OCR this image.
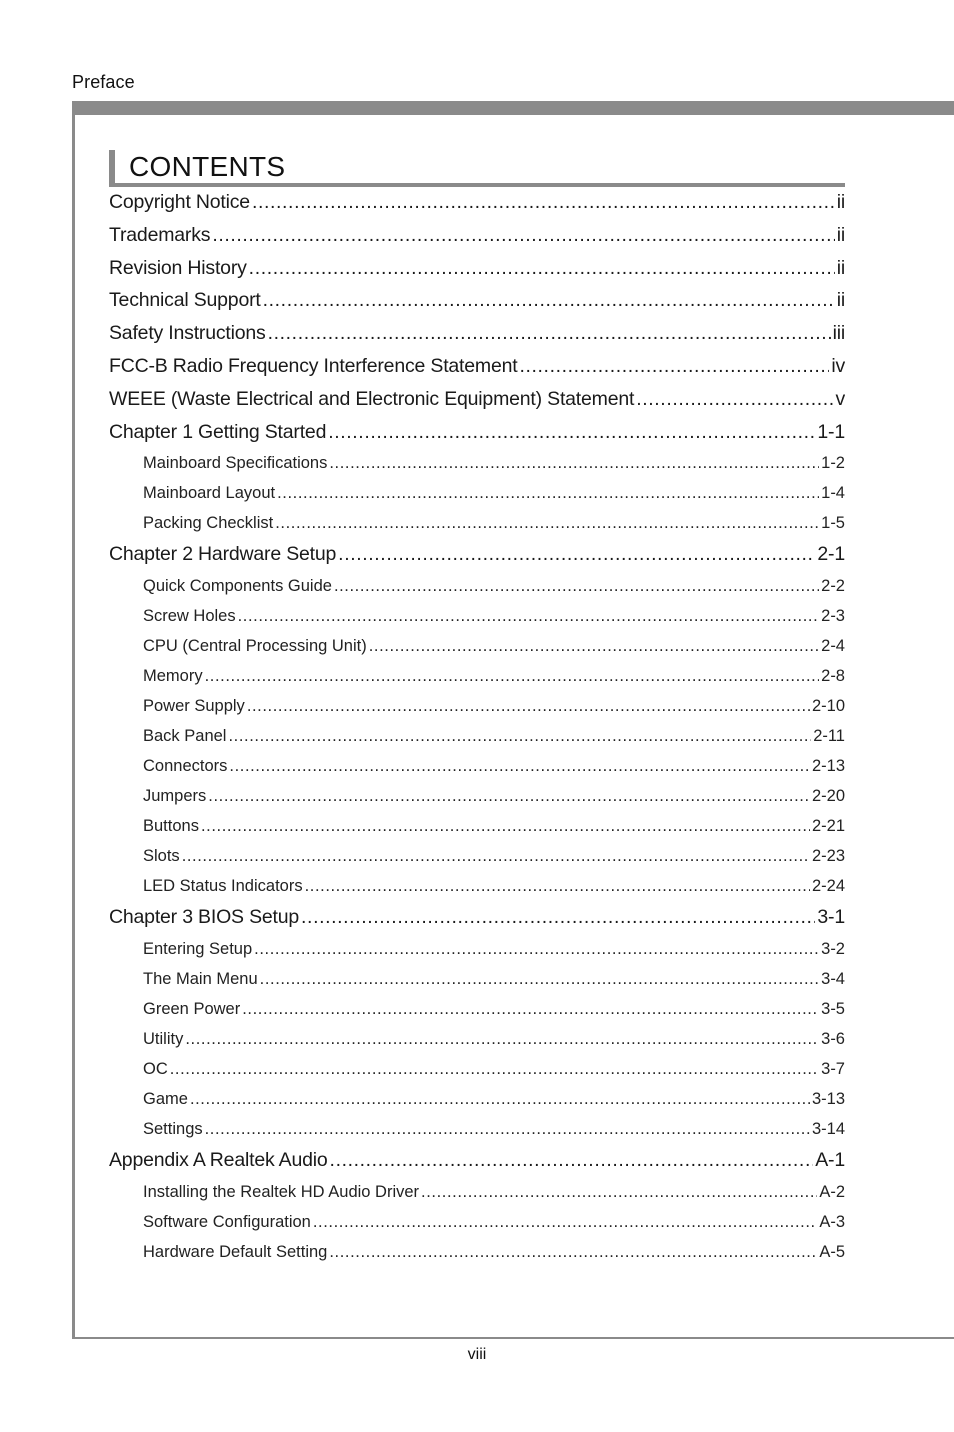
Preface
CONTENTS
Copyright Notice .....	ii
Trademarks .....	ii
Revision History .....	ii
Technical Support .....	ii
Safety Instructions .....	iii
FCC-B Radio Frequency Interference Statement .....	iv
WEEE (Waste Electrical and Electronic Equipment) Statement .....	v
Chapter 1 Getting Started .....	1-1
Mainboard Specifications .....	1-2
Mainboard Layout .....	1-4
Packing Checklist .....	1-5
Chapter 2 Hardware Setup .....	2-1
Quick Components Guide .....	2-2
Screw Holes .....	2-3
CPU (Central Processing Unit) .....	2-4
Memory .....	2-8
Power Supply .....	2-10
Back Panel .....	2-11
Connectors .....	2-13
Jumpers .....	2-20
Buttons .....	2-21
Slots .....	2-23
LED Status Indicators .....	2-24
Chapter 3 BIOS Setup .....	3-1
Entering Setup .....	3-2
The Main Menu .....	3-4
Green Power .....	3-5
Utility .....	3-6
OC .....	3-7
Game .....	3-13
Settings .....	3-14
Appendix A Realtek Audio .....	A-1
Installing the Realtek HD Audio Driver .....	A-2
Software Configuration .....	A-3
Hardware Default Setting .....	A-5
viii
